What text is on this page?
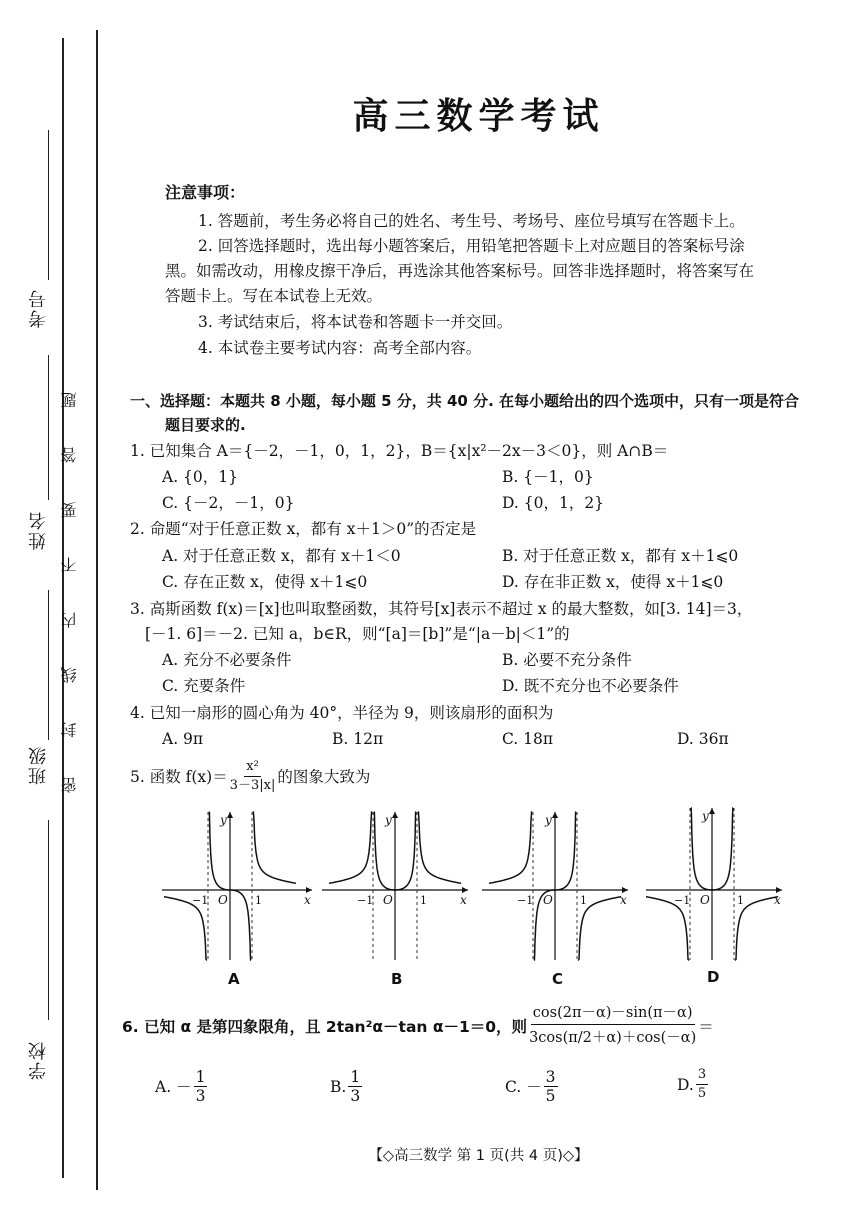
考号
姓名
班级
学校
题
答
要
不
内
线
封
密
高三数学考试
注意事项：
1. 答题前，考生务必将自己的姓名、考生号、考场号、座位号填写在答题卡上。
2. 回答选择题时，选出每小题答案后，用铅笔把答题卡上对应题目的答案标号涂
黑。如需改动，用橡皮擦干净后，再选涂其他答案标号。回答非选择题时，将答案写在
答题卡上。写在本试卷上无效。
3. 考试结束后，将本试卷和答题卡一并交回。
4. 本试卷主要考试内容：高考全部内容。
一、选择题：本题共 8 小题，每小题 5 分，共 40 分. 在每小题给出的四个选项中，只有一项是符合
题目要求的.
1. 已知集合 A＝{－2，－1，0，1，2}，B＝{x|x²－2x－3＜0}，则 A∩B＝
A. {0，1}	B. {－1，0}
C. {－2，－1，0}	D. {0，1，2}
2. 命题“对于任意正数 x，都有 x＋1＞0”的否定是
A. 对于任意正数 x，都有 x＋1＜0	B. 对于任意正数 x，都有 x＋1⩽0
C. 存在正数 x，使得 x＋1⩽0	D. 存在非正数 x，使得 x＋1⩽0
3. 高斯函数 f(x)＝[x]也叫取整函数，其符号[x]表示不超过 x 的最大整数，如[3. 14]＝3，
[－1. 6]＝－2. 已知 a，b∈R，则“[a]＝[b]”是“|a－b|＜1”的
A. 充分不必要条件	B. 必要不充分条件
C. 充要条件	D. 既不充分也不必要条件
4. 已知一扇形的圆心角为 40°，半径为 9，则该扇形的面积为
A. 9π	B. 12π	C. 18π	D. 36π
5. 函数 $f(x)= \frac{\text{x²}}{3-3|x|}$ 的图象大致为
y
x
O
−1	1
y
x
O
−1	1
y
x
O
−1	1
y
x
O
−1	1
A	B	C	D
6. 已知 α 是第四象限角，且 2tan²α－tan α－1＝0，则 $\frac{\cos(2\pi-\alpha)-\sin(\pi-\alpha)}{3\cos(\pi/2+\alpha)+\cos(-\alpha)}$ ＝
A. － $\frac{1}{3}$	B. $\frac{1}{3}$	C. － $\frac{3}{5}$	D. $\frac{3}{5}$
【◇高三数学 第 1 页(共 4 页)◇】
